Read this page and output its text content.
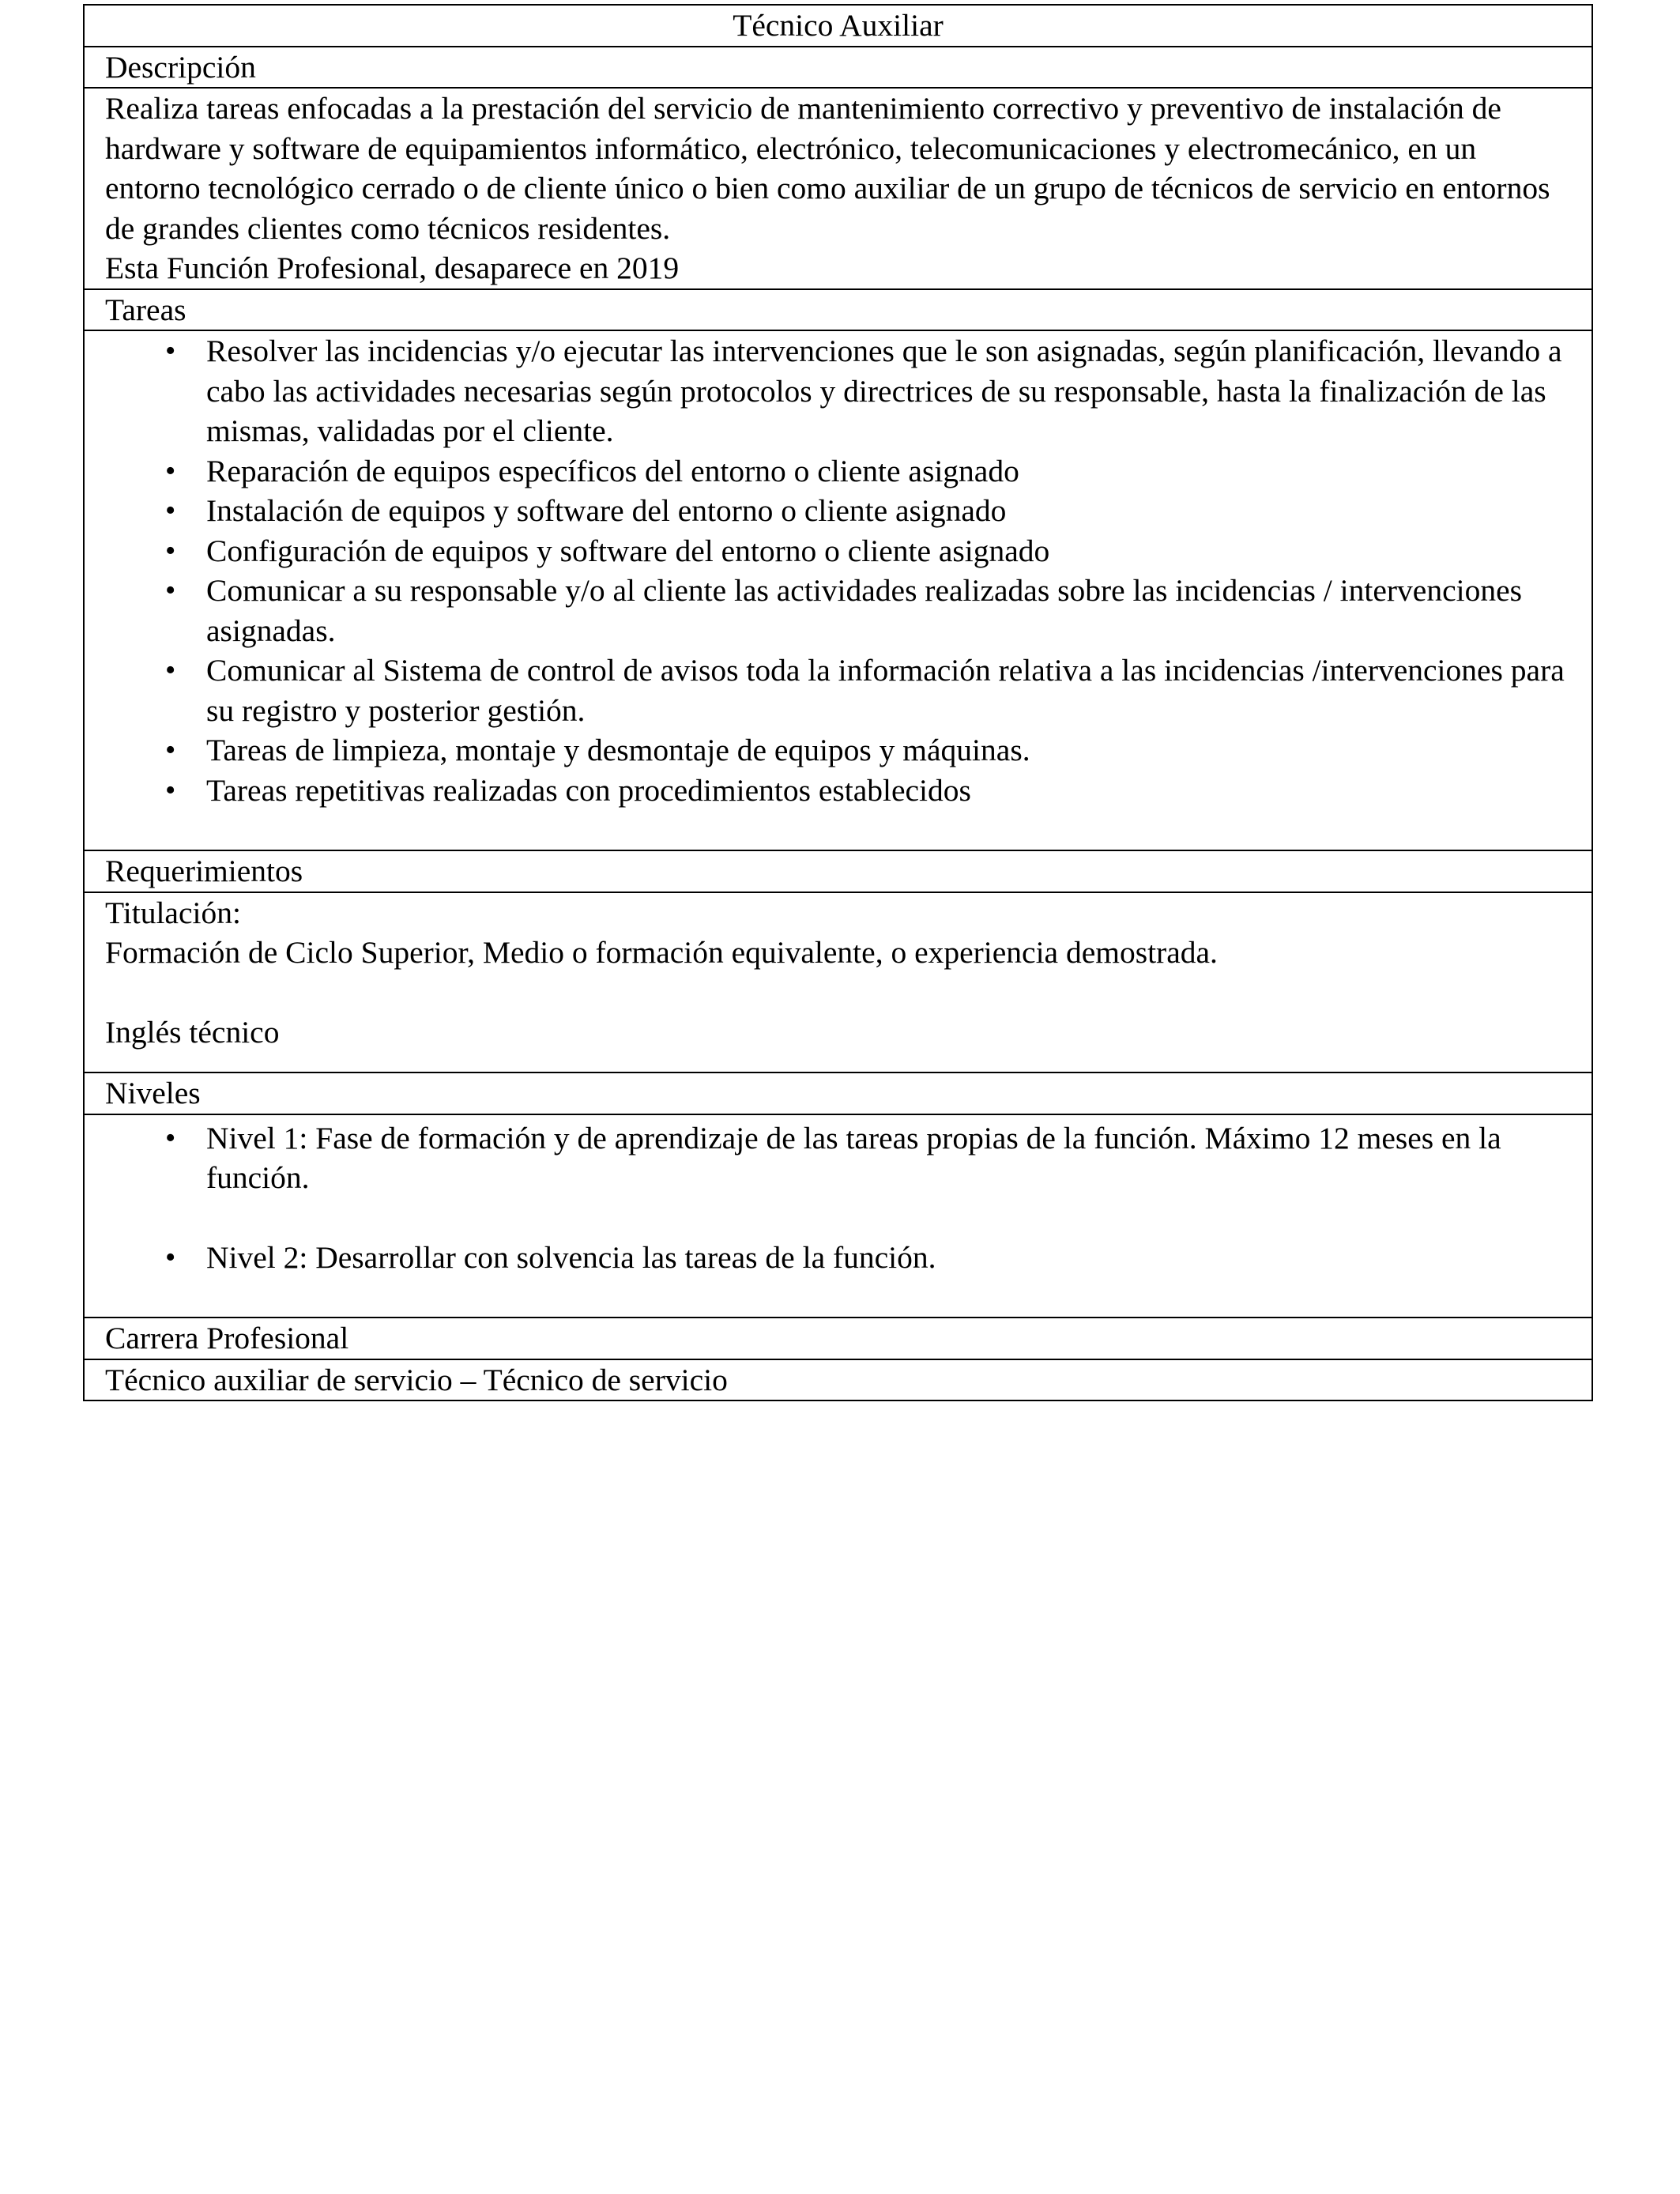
Técnico Auxiliar
Descripción

Realiza tareas enfocadas a la prestación del servicio de mantenimiento correctivo y preventivo de instalación de hardware y software de equipamientos informático, electrónico, telecomunicaciones y electromecánico, en un entorno tecnológico cerrado o de cliente único o bien como auxiliar de un grupo de técnicos de servicio en entornos de grandes clientes como técnicos residentes.

Esta Función Profesional, desaparece en 2019

Tareas
• Resolver las incidencias y/o ejecutar las intervenciones que le son asignadas, según planificación, llevando a cabo las actividades necesarias según protocolos y directrices de su responsable, hasta la finalización de las mismas, validadas por el cliente.
• Reparación de equipos específicos del entorno o cliente asignado
• Instalación de equipos y software del entorno o cliente asignado
• Configuración de equipos y software del entorno o cliente asignado
• Comunicar a su responsable y/o al cliente las actividades realizadas sobre las incidencias / intervenciones asignadas.
• Comunicar al Sistema de control de avisos toda la información relativa a las incidencias /intervenciones para su registro y posterior gestión.
• Tareas de limpieza, montaje y desmontaje de equipos y máquinas.
• Tareas repetitivas realizadas con procedimientos establecidos
Requerimientos

Titulación:

Formación de Ciclo Superior, Medio o formación equivalente, o experiencia demostrada.

Inglés técnico

Niveles
• Nivel 1: Fase de formación y de aprendizaje de las tareas propias de la función. Máximo 12 meses en la función.
• Nivel 2: Desarrollar con solvencia las tareas de la función.
Carrera Profesional
Técnico auxiliar de servicio – Técnico de servicio
